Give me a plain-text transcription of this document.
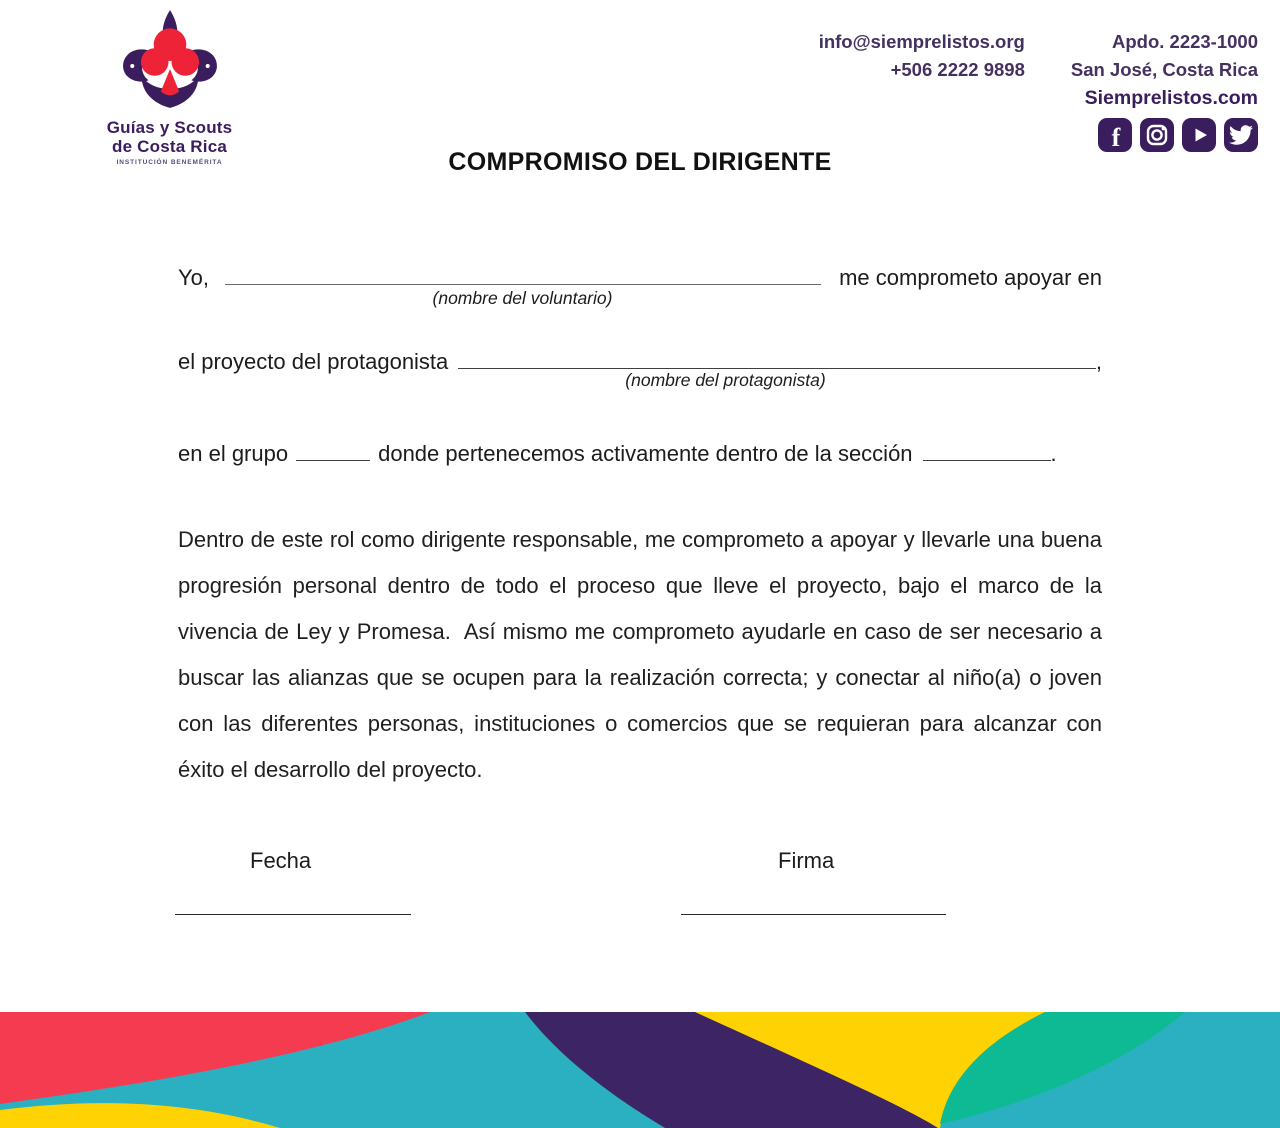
Guías y Scouts
de Costa Rica
INSTITUCIÓN BENEMÉRITA
info@siemprelistos.org
+506 2222 9898
Apdo. 2223-1000
San José, Costa Rica
Siemprelistos.com
f
COMPROMISO DEL DIRIGENTE
Yo,	me comprometo apoyar en
(nombre del voluntario)
el proyecto del protagonista	,
(nombre del protagonista)
en el grupo	donde pertenecemos activamente dentro de la sección	.

Dentro de este rol como dirigente responsable, me comprometo a apoyar y llevarle una buena progresión personal dentro de todo el proceso que lleve el proyecto, bajo el marco de la vivencia de Ley y Promesa.  Así mismo me comprometo ayudarle en caso de ser necesario a buscar las alianzas que se ocupen para la realización correcta; y conectar al niño(a) o joven con las diferentes personas, instituciones o comercios que se requieran para alcanzar con éxito el desarrollo del proyecto.

Fecha	Firma
